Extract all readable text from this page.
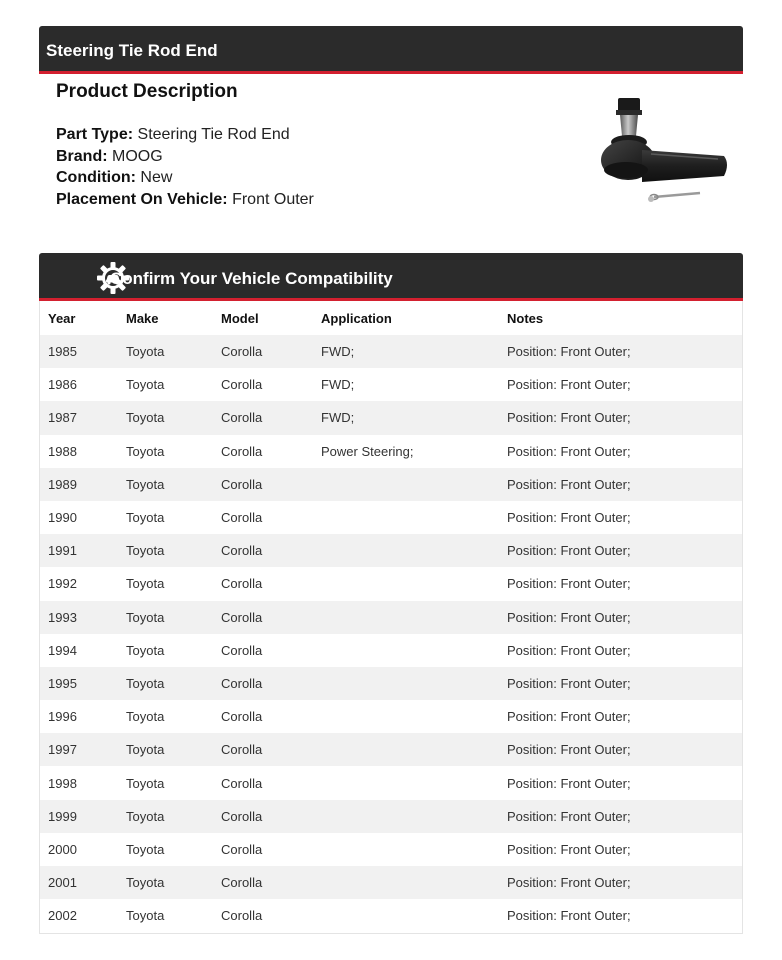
Steering Tie Rod End
Product Description
Part Type: Steering Tie Rod End
Brand: MOOG
Condition: New
Placement On Vehicle: Front Outer
Confirm Your Vehicle Compatibility
Year	Make	Model	Application	Notes
1985	Toyota	Corolla	FWD;	Position: Front Outer;
1986	Toyota	Corolla	FWD;	Position: Front Outer;
1987	Toyota	Corolla	FWD;	Position: Front Outer;
1988	Toyota	Corolla	Power Steering;	Position: Front Outer;
1989	Toyota	Corolla		Position: Front Outer;
1990	Toyota	Corolla		Position: Front Outer;
1991	Toyota	Corolla		Position: Front Outer;
1992	Toyota	Corolla		Position: Front Outer;
1993	Toyota	Corolla		Position: Front Outer;
1994	Toyota	Corolla		Position: Front Outer;
1995	Toyota	Corolla		Position: Front Outer;
1996	Toyota	Corolla		Position: Front Outer;
1997	Toyota	Corolla		Position: Front Outer;
1998	Toyota	Corolla		Position: Front Outer;
1999	Toyota	Corolla		Position: Front Outer;
2000	Toyota	Corolla		Position: Front Outer;
2001	Toyota	Corolla		Position: Front Outer;
2002	Toyota	Corolla		Position: Front Outer;
